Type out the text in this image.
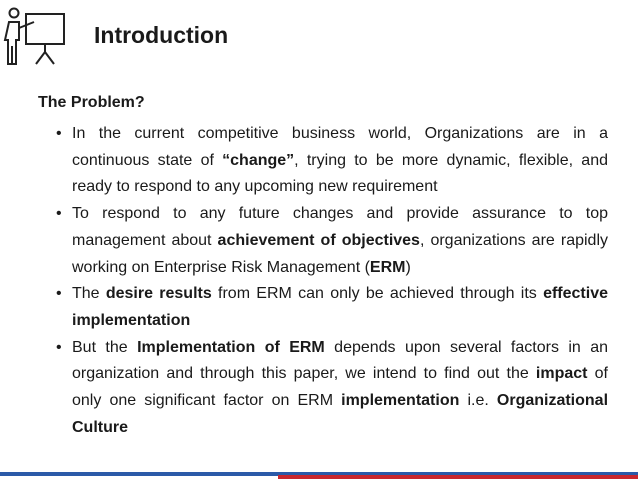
Introduction
The Problem?
• In the current competitive business world, Organizations are in a continuous state of “change”, trying to be more dynamic, flexible, and ready to respond to any upcoming new requirement
• To respond to any future changes and provide assurance to top management about achievement of objectives, organizations are rapidly working on Enterprise Risk Management (ERM)
• The desire results from ERM can only be achieved through its effective implementation
• But the Implementation of ERM depends upon several factors in an organization and through this paper, we intend to find out the impact of only one significant factor on ERM implementation i.e. Organizational Culture
